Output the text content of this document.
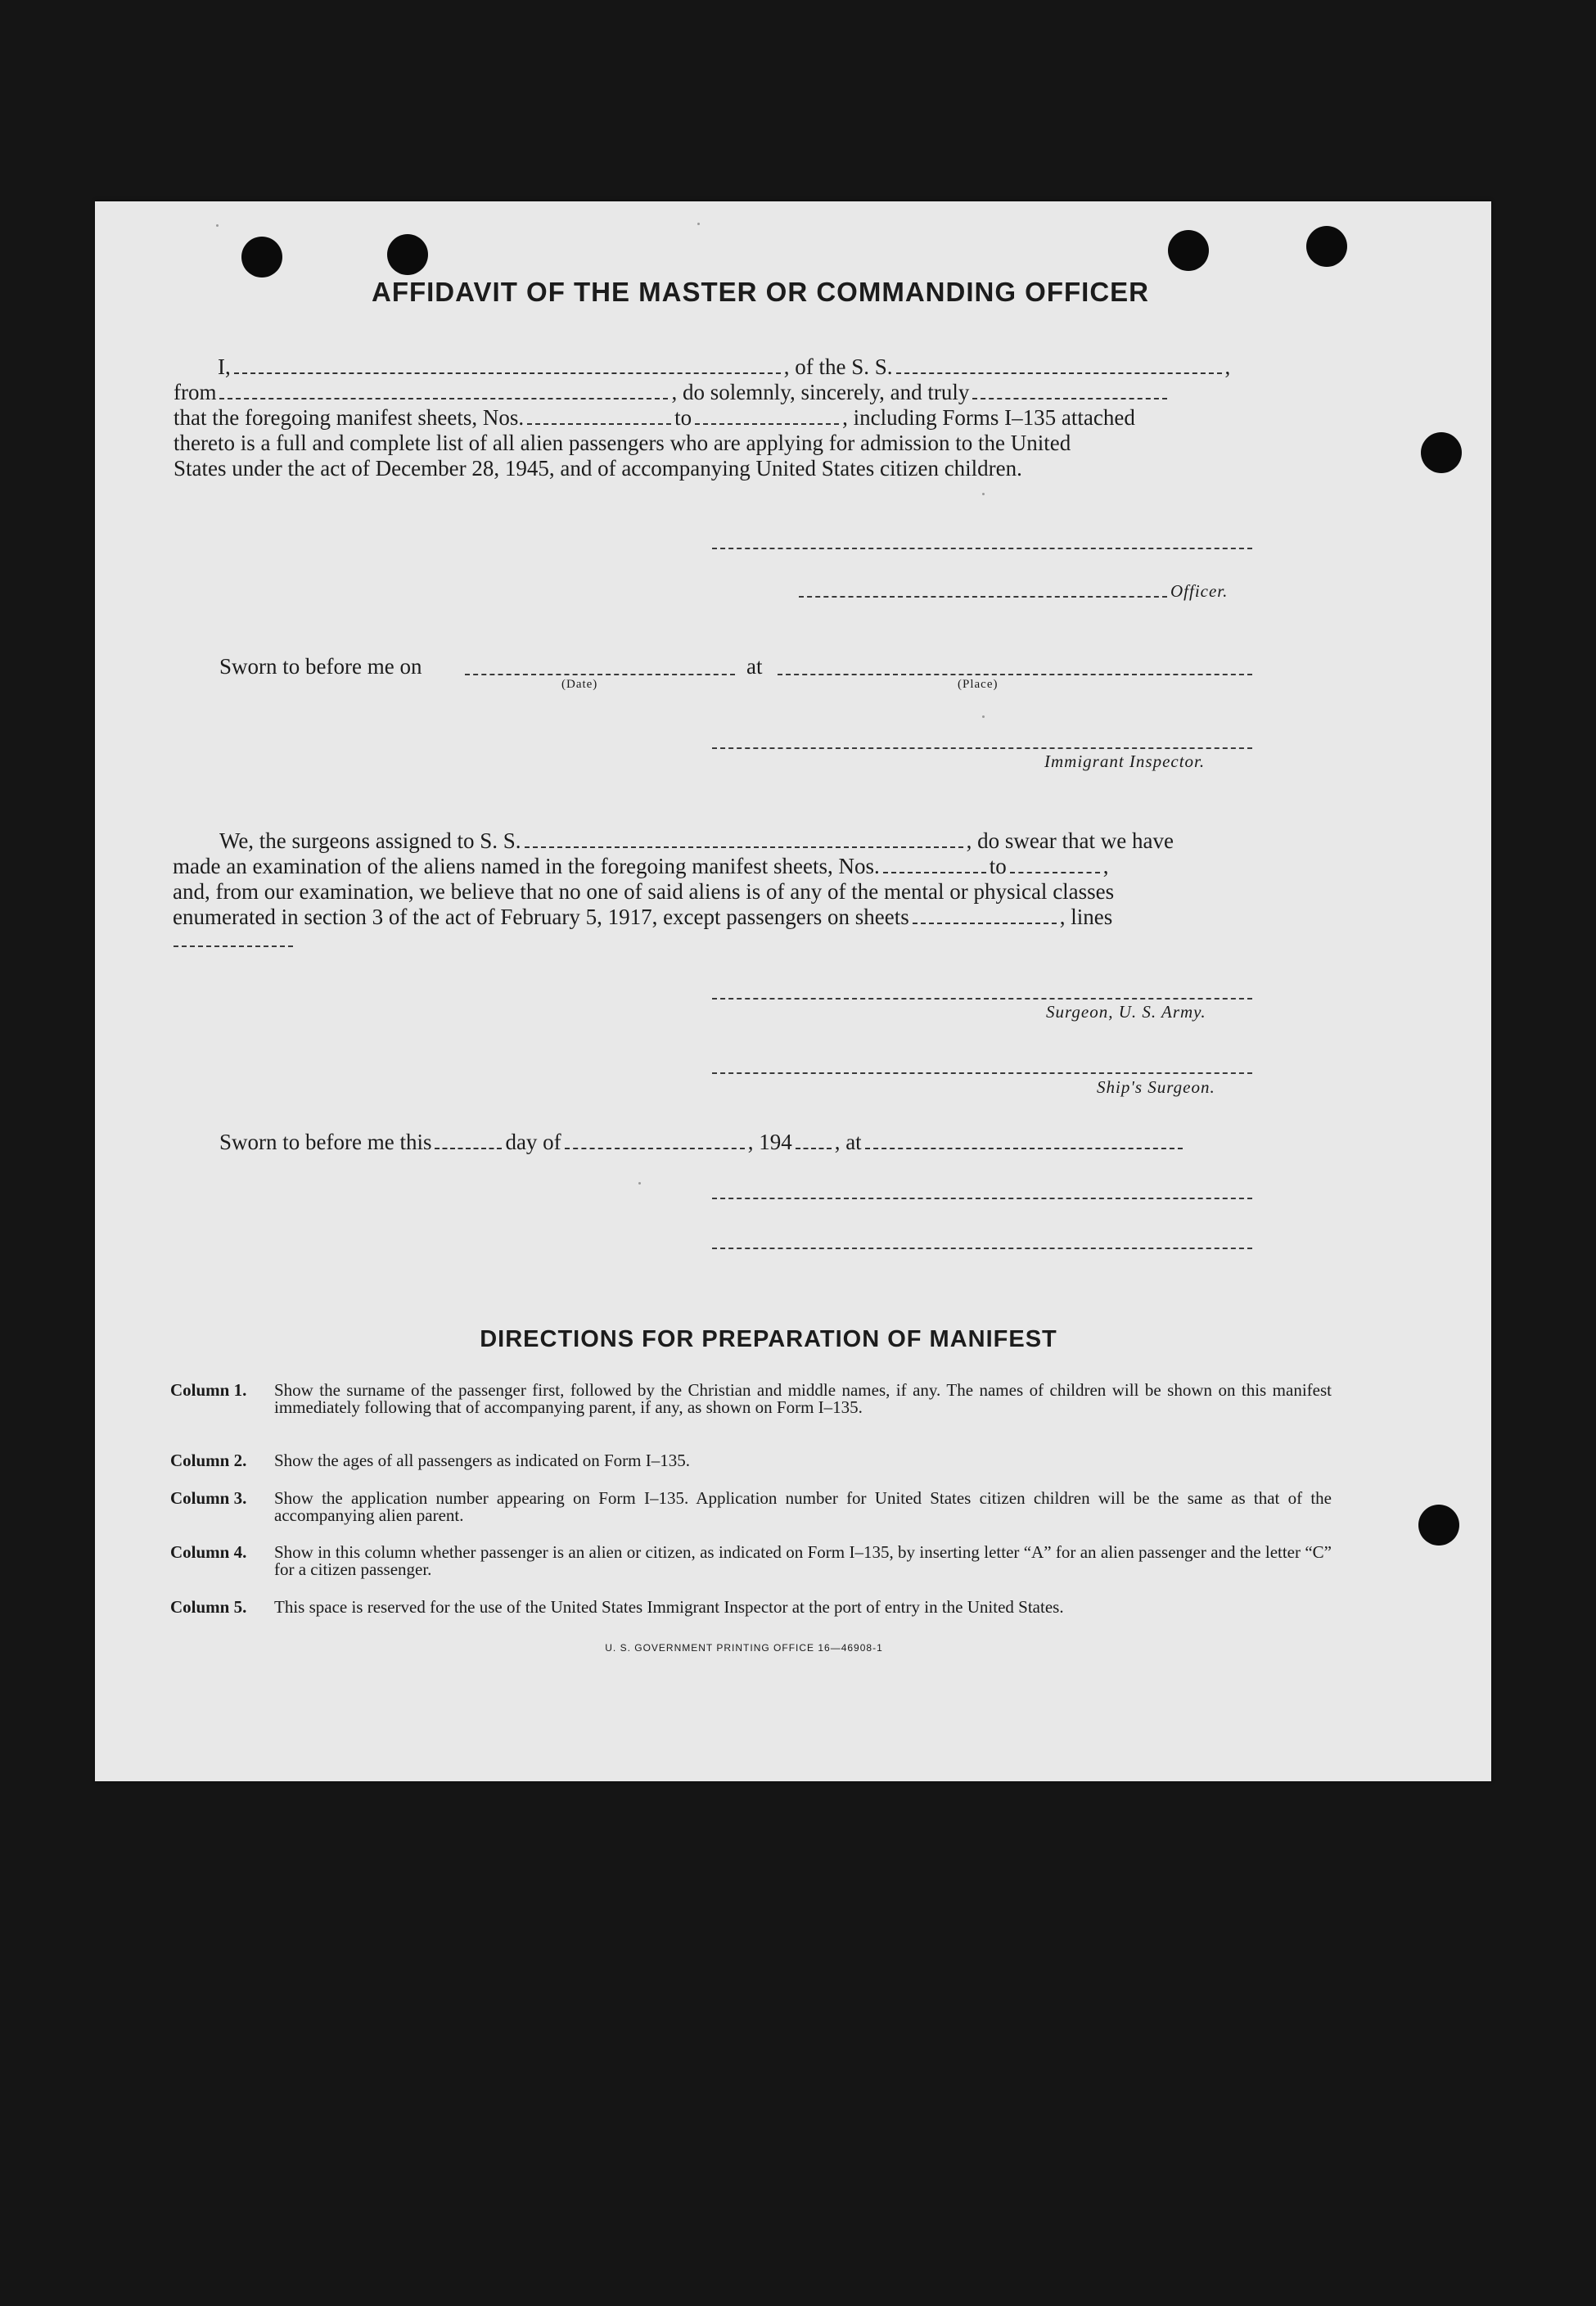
AFFIDAVIT OF THE MASTER OR COMMANDING OFFICER
I,	, of the S. S.	,
from	, do solemnly, sincerely, and truly
that the foregoing manifest sheets, Nos.	to	, including Forms I–135 attached
thereto is a full and complete list of all alien passengers who are applying for admission to the United
States under the act of December 28, 1945, and of accompanying United States citizen children.
Officer.
Sworn to before me on
(Date)
at
(Place)
Immigrant Inspector.
We, the surgeons assigned to S. S.	, do swear that we have
made an examination of the aliens named in the foregoing manifest sheets, Nos.	to	,
and, from our examination, we believe that no one of said aliens is of any of the mental or physical classes
enumerated in section 3 of the act of February 5, 1917, except passengers on sheets	, lines
Surgeon, U. S. Army.
Ship's Surgeon.
Sworn to before me this	day of	, 194 , at
DIRECTIONS FOR PREPARATION OF MANIFEST
Column 1.	Show the surname of the passenger first, followed by the Christian and middle names, if any. The names of children will be shown on this manifest immediately following that of accompanying parent, if any, as shown on Form I–135.
Column 2.	Show the ages of all passengers as indicated on Form I–135.
Column 3.	Show the application number appearing on Form I–135. Application number for United States citizen children will be the same as that of the accompanying alien parent.
Column 4.	Show in this column whether passenger is an alien or citizen, as indicated on Form I–135, by inserting letter “A” for an alien passenger and the letter “C” for a citizen passenger.
Column 5.	This space is reserved for the use of the United States Immigrant Inspector at the port of entry in the United States.
U. S. GOVERNMENT PRINTING OFFICE 16—46908-1
